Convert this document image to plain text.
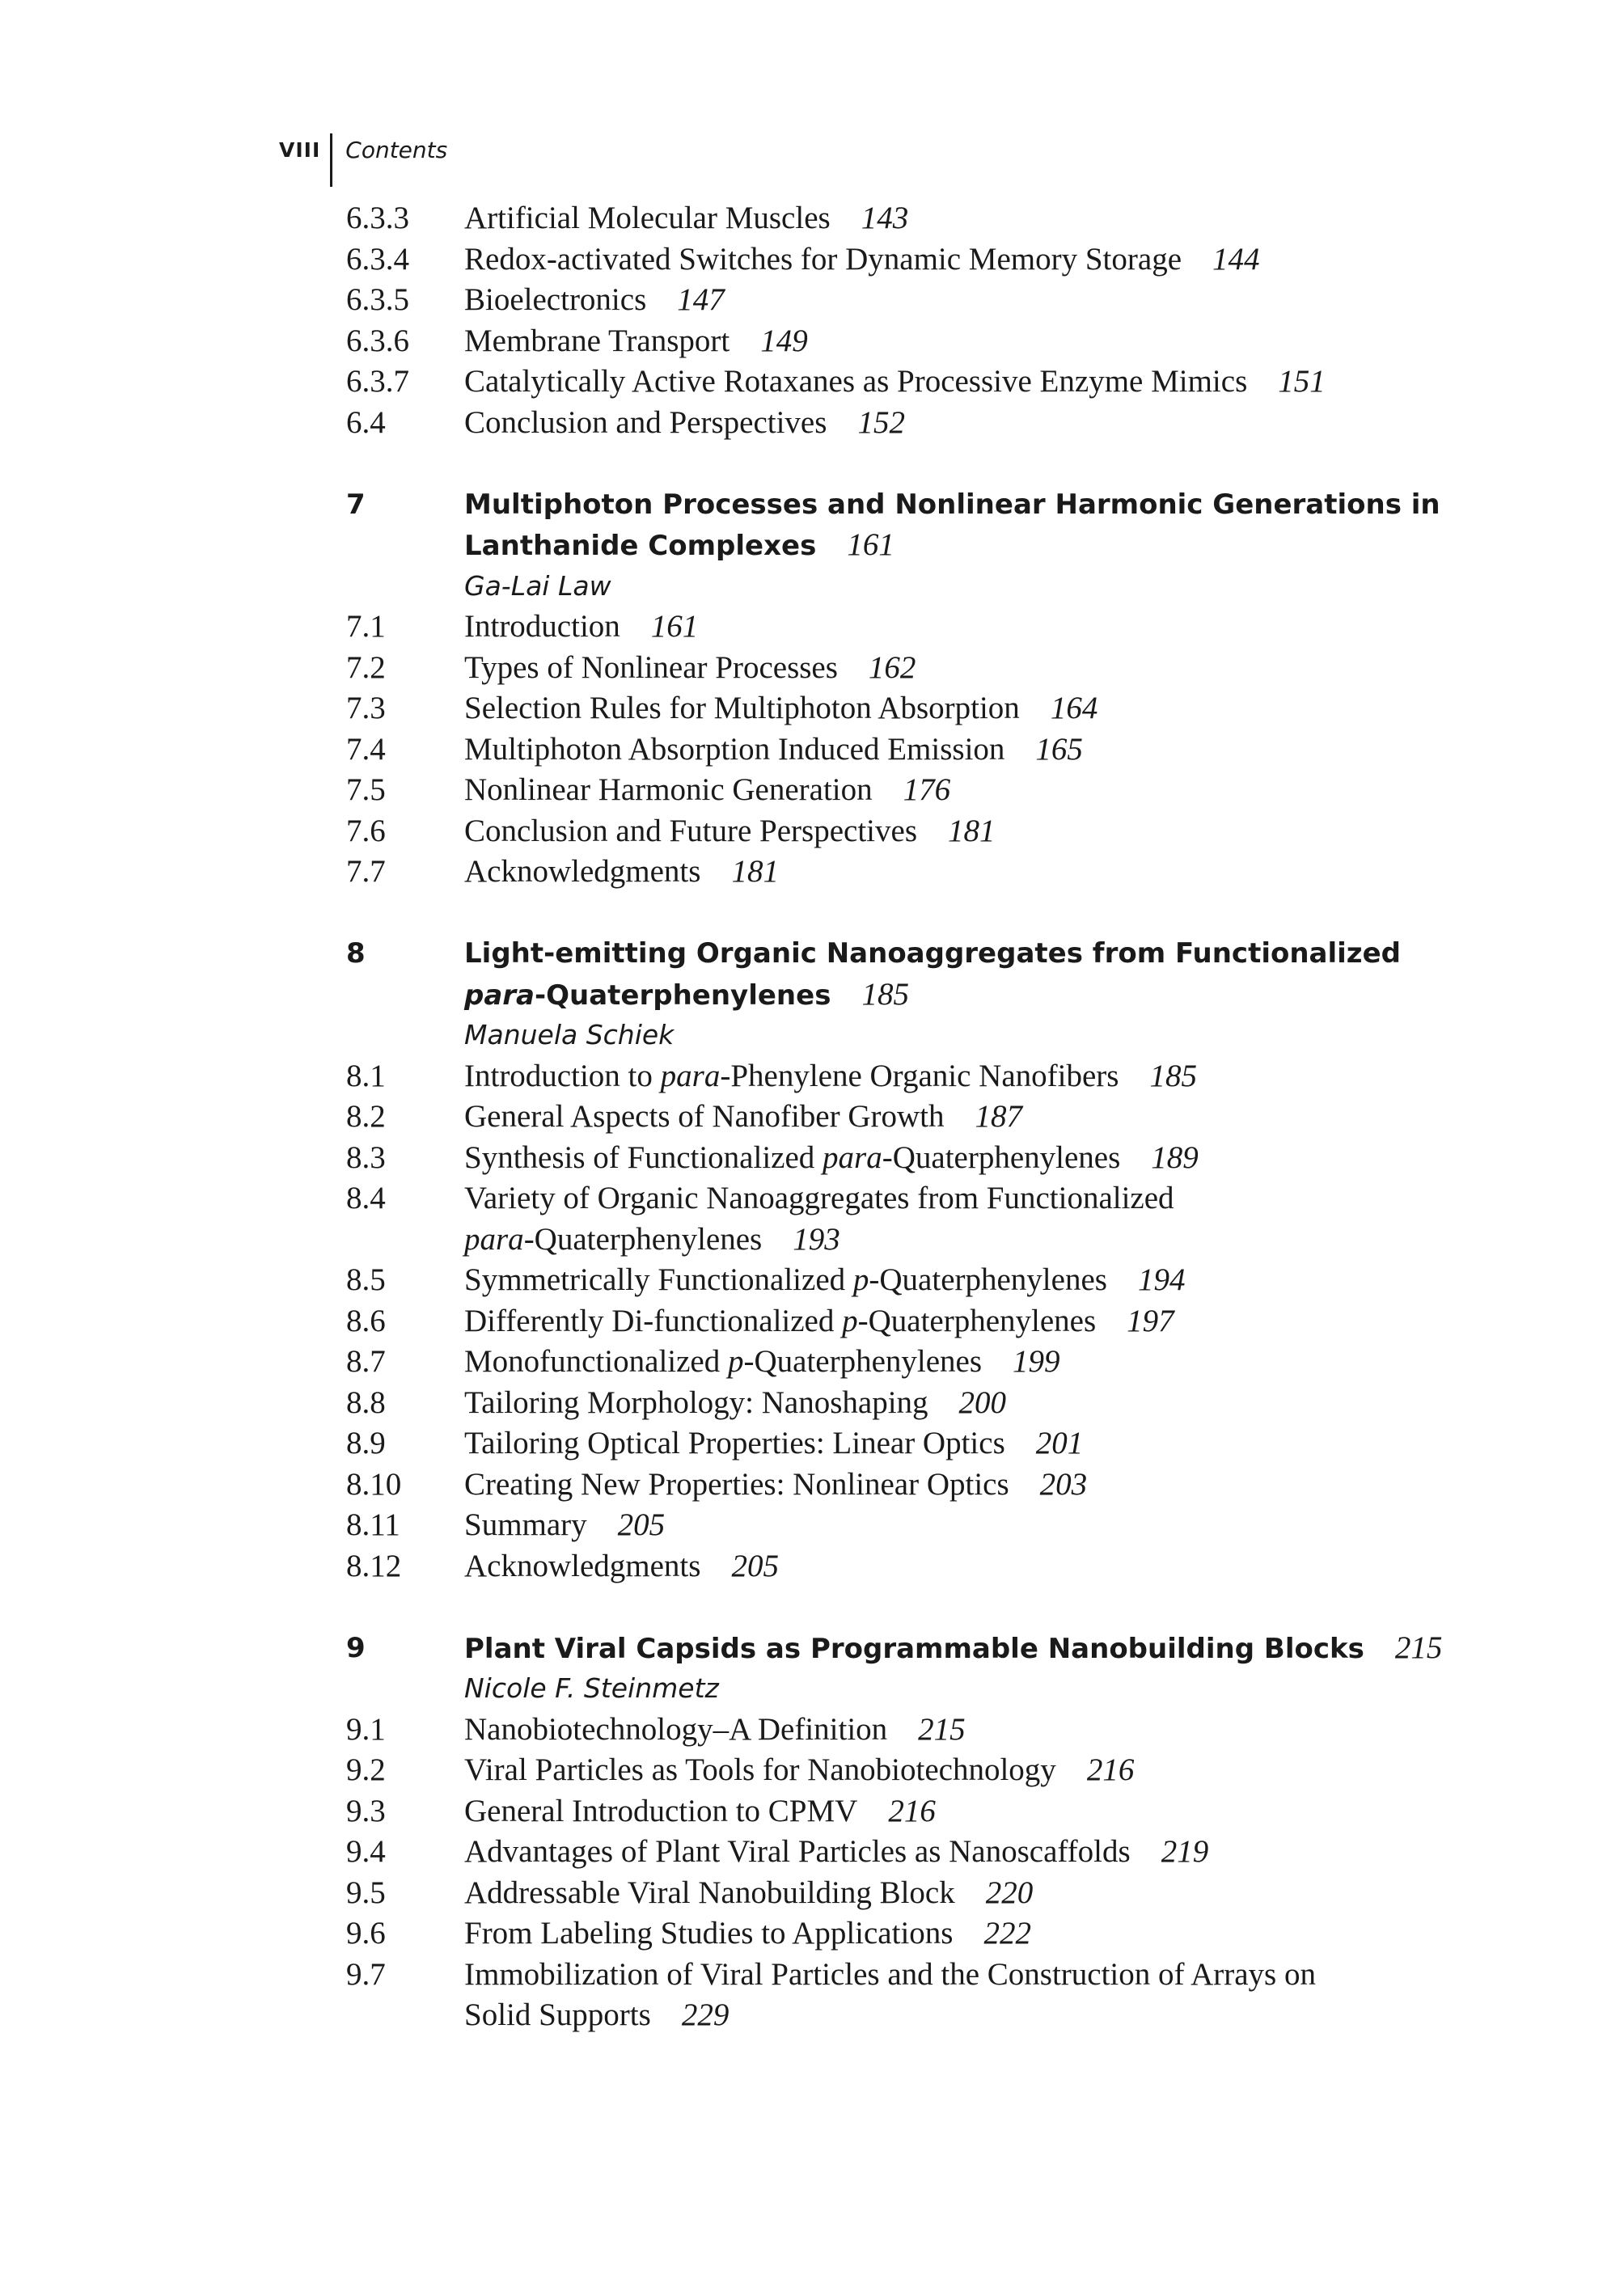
VIII Contents
6.3.3	Artificial Molecular Muscles 143
6.3.4	Redox-activated Switches for Dynamic Memory Storage 144
6.3.5	Bioelectronics 147
6.3.6	Membrane Transport 149
6.3.7	Catalytically Active Rotaxanes as Processive Enzyme Mimics 151
6.4	Conclusion and Perspectives 152
7	Multiphoton Processes and Nonlinear Harmonic Generations in
Lanthanide Complexes 161
Ga-Lai Law
7.1	Introduction 161
7.2	Types of Nonlinear Processes 162
7.3	Selection Rules for Multiphoton Absorption 164
7.4	Multiphoton Absorption Induced Emission 165
7.5	Nonlinear Harmonic Generation 176
7.6	Conclusion and Future Perspectives 181
7.7	Acknowledgments 181
8	Light-emitting Organic Nanoaggregates from Functionalized
para-Quaterphenylenes 185
Manuela Schiek
8.1	Introduction to para-Phenylene Organic Nanofibers 185
8.2	General Aspects of Nanofiber Growth 187
8.3	Synthesis of Functionalized para-Quaterphenylenes 189
8.4	Variety of Organic Nanoaggregates from Functionalized
para-Quaterphenylenes 193
8.5	Symmetrically Functionalized p-Quaterphenylenes 194
8.6	Differently Di-functionalized p-Quaterphenylenes 197
8.7	Monofunctionalized p-Quaterphenylenes 199
8.8	Tailoring Morphology: Nanoshaping 200
8.9	Tailoring Optical Properties: Linear Optics 201
8.10	Creating New Properties: Nonlinear Optics 203
8.11	Summary 205
8.12	Acknowledgments 205
9	Plant Viral Capsids as Programmable Nanobuilding Blocks 215
Nicole F. Steinmetz
9.1	Nanobiotechnology–A Definition 215
9.2	Viral Particles as Tools for Nanobiotechnology 216
9.3	General Introduction to CPMV 216
9.4	Advantages of Plant Viral Particles as Nanoscaffolds 219
9.5	Addressable Viral Nanobuilding Block 220
9.6	From Labeling Studies to Applications 222
9.7	Immobilization of Viral Particles and the Construction of Arrays on
Solid Supports 229
